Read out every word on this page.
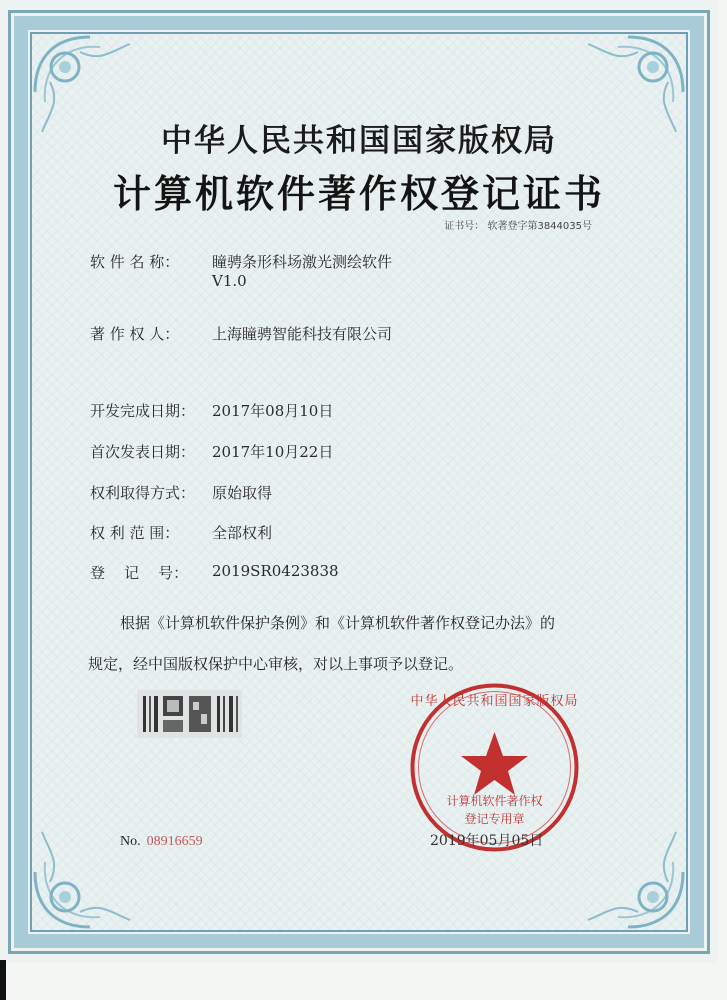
中华人民共和国国家版权局
计算机软件著作权登记证书
证书号： 软著登字第3844035号
软 件 名 称： 瞳骋条形科场激光测绘软件
V1.0
著 作 权 人： 上海瞳骋智能科技有限公司
开发完成日期： 2017年08月10日
首次发表日期： 2017年10月22日
权利取得方式： 原始取得
权 利 范 围： 全部权利
登    记    号： 2019SR0423838
根据《计算机软件保护条例》和《计算机软件著作权登记办法》的
规定，经中国版权保护中心审核，对以上事项予以登记。
No. 08916659
中华人民共和国国家版权局
计算机软件著作权
登记专用章
2019年05月05日
